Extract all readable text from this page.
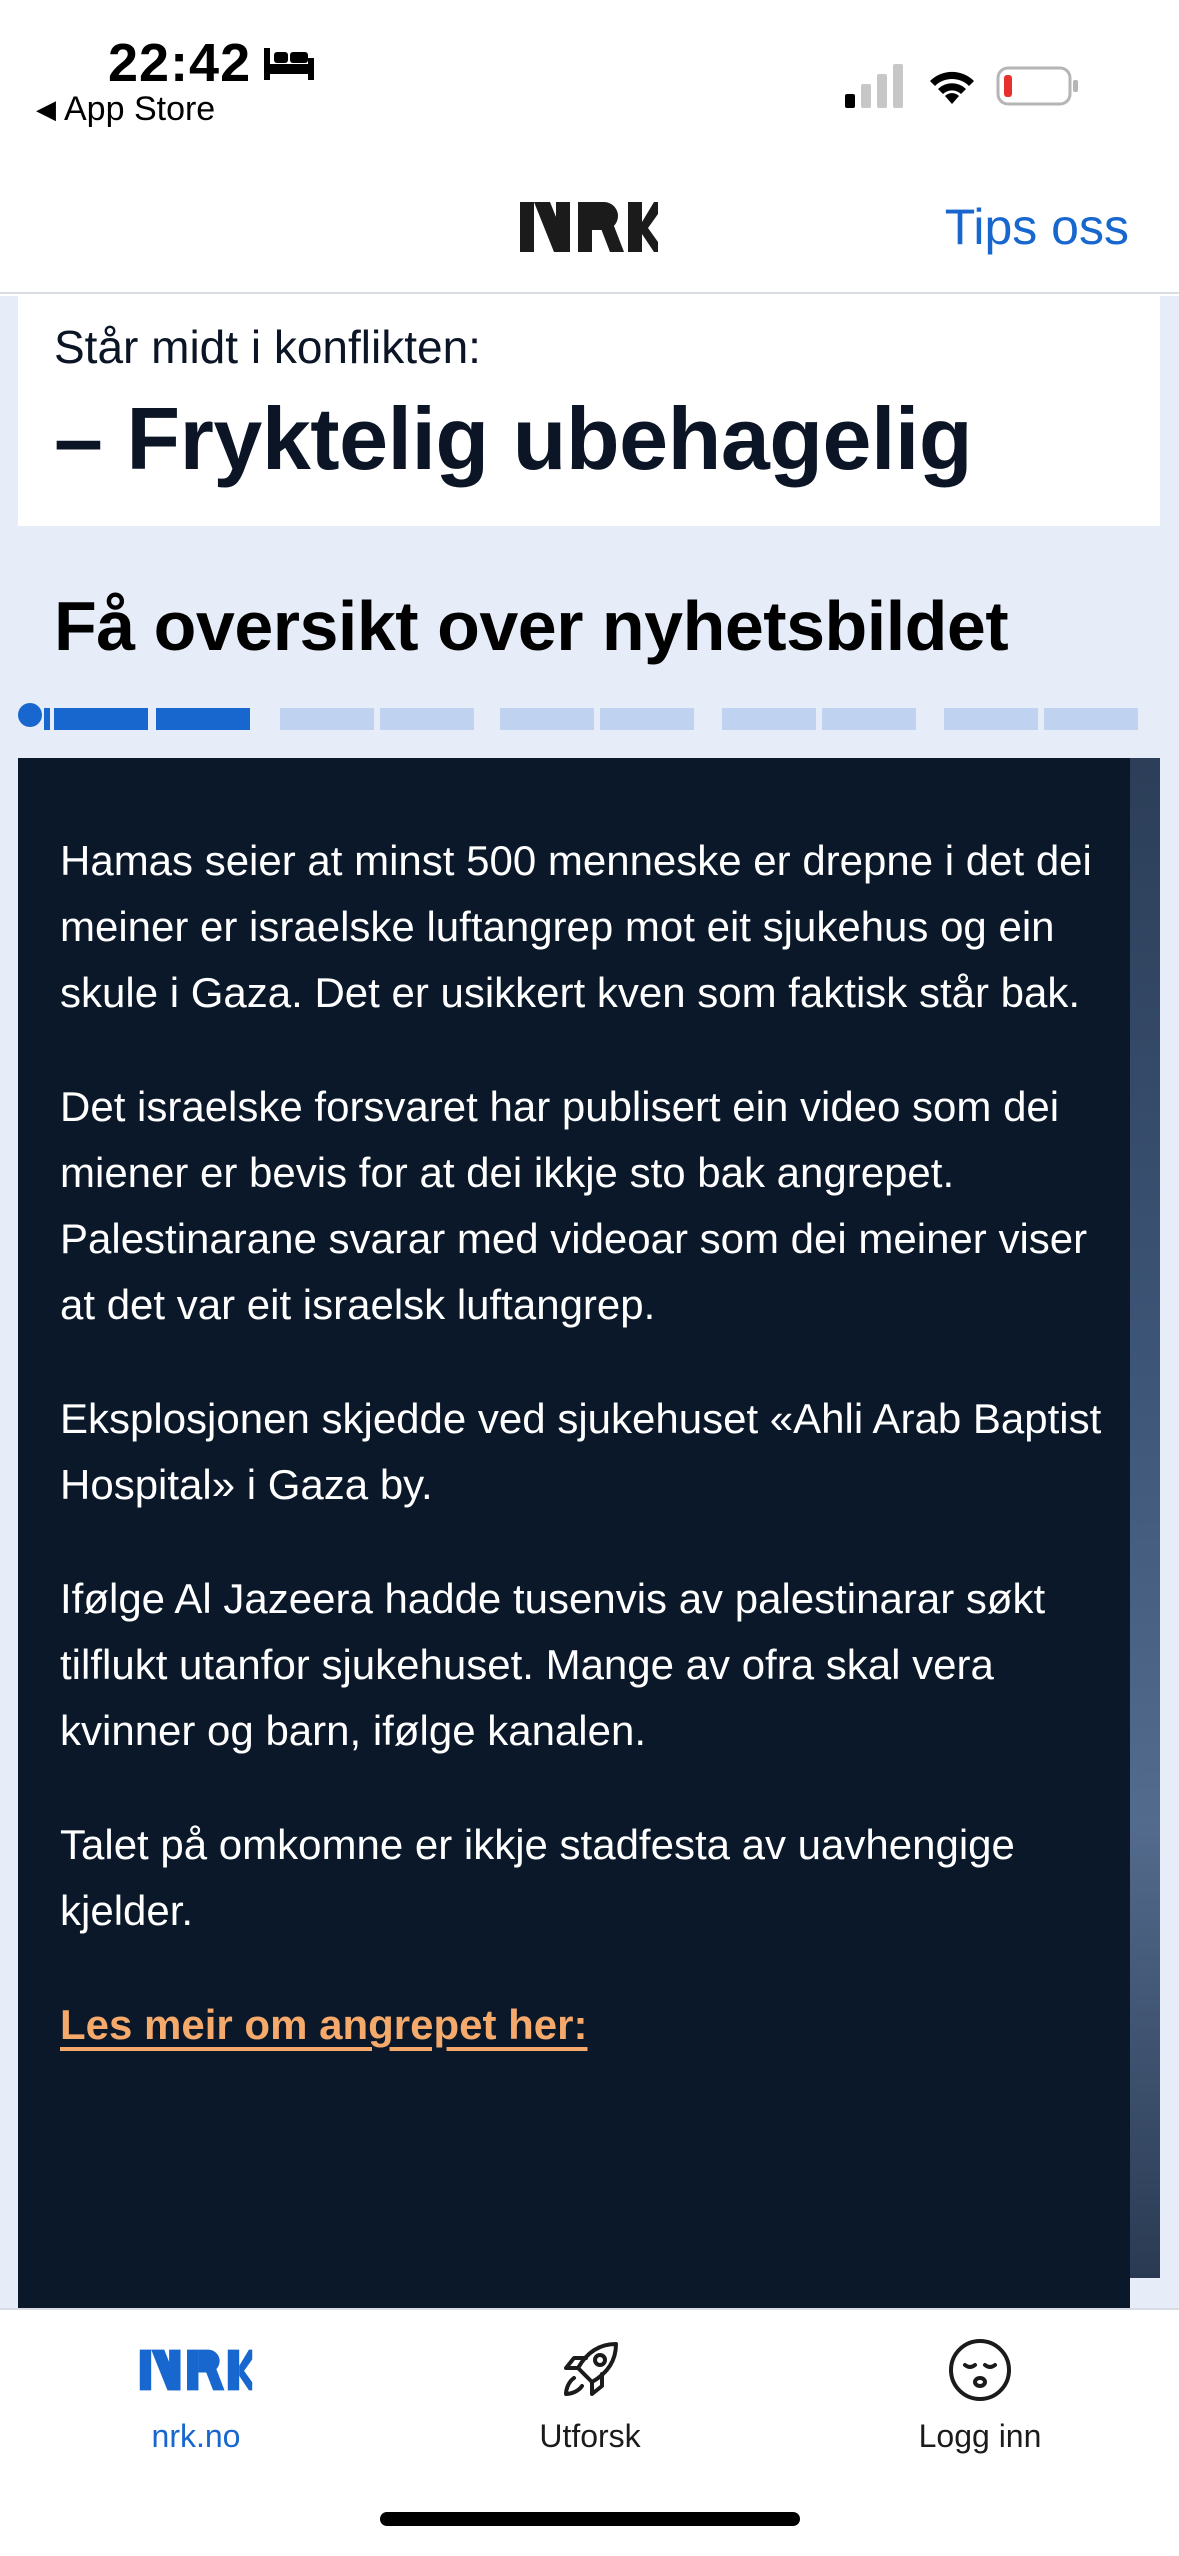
22:42
◀ App Store
Tips oss
Står midt i konflikten:
– Fryktelig ubehagelig
Få oversikt over nyhetsbildet

Hamas seier at minst 500 menneske er drepne i det dei meiner er israelske luftangrep mot eit sjukehus og ein skule i Gaza. Det er usikkert kven som faktisk står bak.

Det israelske forsvaret har publisert ein video som dei miener er bevis for at dei ikkje sto bak angrepet. Palestinarane svarar med videoar som dei meiner viser at det var eit israelsk luftangrep.

Eksplosjonen skjedde ved sjukehuset «Ahli Arab Baptist Hospital» i Gaza by.

Ifølge Al Jazeera hadde tusenvis av palestinarar søkt tilflukt utanfor sjukehuset. Mange av ofra skal vera kvinner og barn, ifølge kanalen.

Talet på omkomne er ikkje stadfesta av uavhengige kjelder.

Les meir om angrepet her:

nrk.no	Utforsk	Logg inn
